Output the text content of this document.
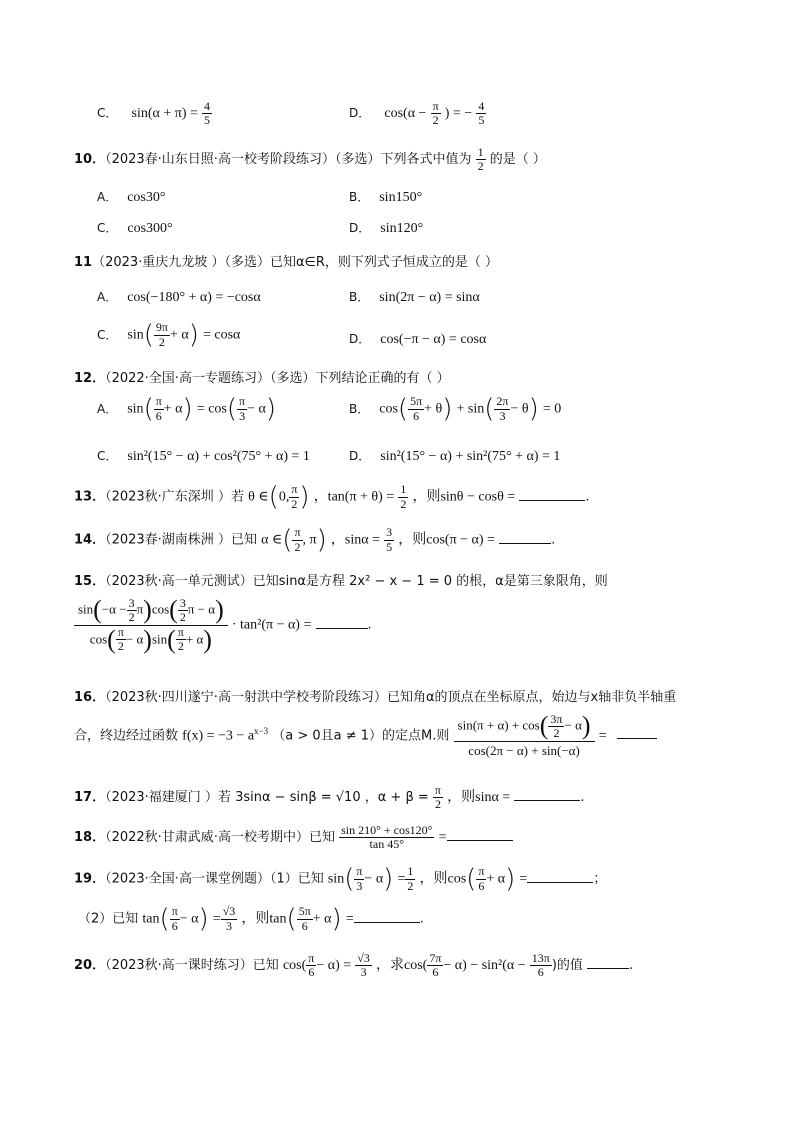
C． $\sin(\alpha + \pi) = \frac{4}{5}$	D． $\cos(\alpha - \frac{\pi}{2}$ ) = − $\frac{4}{5}$
10．（2023春·山东日照·高一校考阶段练习）（多选）下列各式中值为 $\frac{1}{2}$ 的是（ ）
A． cos30°	B． sin150°
C． cos300°	D． sin120°
11（2023·重庆九龙坡 ）（多选）已知α∈R，则下列式子恒成立的是（ ）
A． cos(−180° + α) = −cosα	B． sin(2π − α) = sinα
C． $\sin( \frac{9\pi}{2} + \alpha) = \cos\alpha$	D． cos(−π − α) = cosα
12．（2022·全国·高一专题练习）（多选）下列结论正确的有（ ）
A． $\sin( \frac{\pi}{6} + \alpha) = \cos( \frac{\pi}{3} - \alpha)$	B． $\cos( \frac{5\pi}{6} + \theta) + \sin( \frac{2\pi}{3} - \theta) = 0$
C． sin²(15° − α) + cos²(75° + α) = 1	D． sin²(15° − α) + sin²(75° + α) = 1
13．（2023秋·广东深圳 ）若 θ ∈(0, $\frac{\pi}{2}$ ) ，$\tan(\pi + \theta) = \frac{1}{2}$ ，则sinθ − cosθ =	.
14．（2023春·湖南株洲 ）已知 α ∈( $\frac{\pi}{2}$ , π) ，$\sin\alpha = \frac{3}{5}$ ，则cos(π − α) =	.
15．（2023秋·高一单元测试）已知sinα是方程 2x² − x − 1 = 0 的根，α是第三象限角，则
$\frac{\sin(-\alpha - \frac{3}{2} \pi)\cos( \frac{3}{2} \pi - \alpha)}{\cos( \frac{\pi}{2} - \alpha)\sin( \frac{\pi}{2} + \alpha)} \cdot \tan^2(\pi - \alpha)$ =	.
16．（2023秋·四川遂宁·高一射洪中学校考阶段练习）已知角α的顶点在坐标原点，始边与x轴非负半轴重
合，终边经过函数 $f(x) = -3 - a^{x-3}$ （a > 0且a ≠ 1）的定点M.则 $\frac{\sin(\pi + \alpha) + \cos( \frac{3\pi}{2} - \alpha)}{\cos(2\pi - \alpha) + \sin(-\alpha)}$ =
17．（2023·福建厦门 ）若 3sinα − sinβ = √10 ，$\alpha + \beta = \frac{\pi}{2}$ ，则sinα =	.
18．（2022秋·甘肃武威·高一校考期中）已知 $\frac{\sin 210^\circ + \cos 120^\circ}{\tan 45^\circ}$ =
19．（2023·全国·高一课堂例题）（1）已知 $\sin( \frac{\pi}{3} - \alpha) = \frac{1}{2}$ ，则$\cos( \frac{\pi}{6} + \alpha)$ =	；
（2）已知 $\tan( \frac{\pi}{6} - \alpha) = \frac{√3}{3}$ ，则$\tan( \frac{5\pi}{6} + \alpha)$ =	.
20．（2023秋·高一课时练习）已知 $\cos( \frac{\pi}{6} - \alpha) = \frac{√3}{3}$ ，求$\cos( \frac{7\pi}{6} - \alpha) - \sin^2(\alpha - \frac{13\pi}{6}$ )的值	.
